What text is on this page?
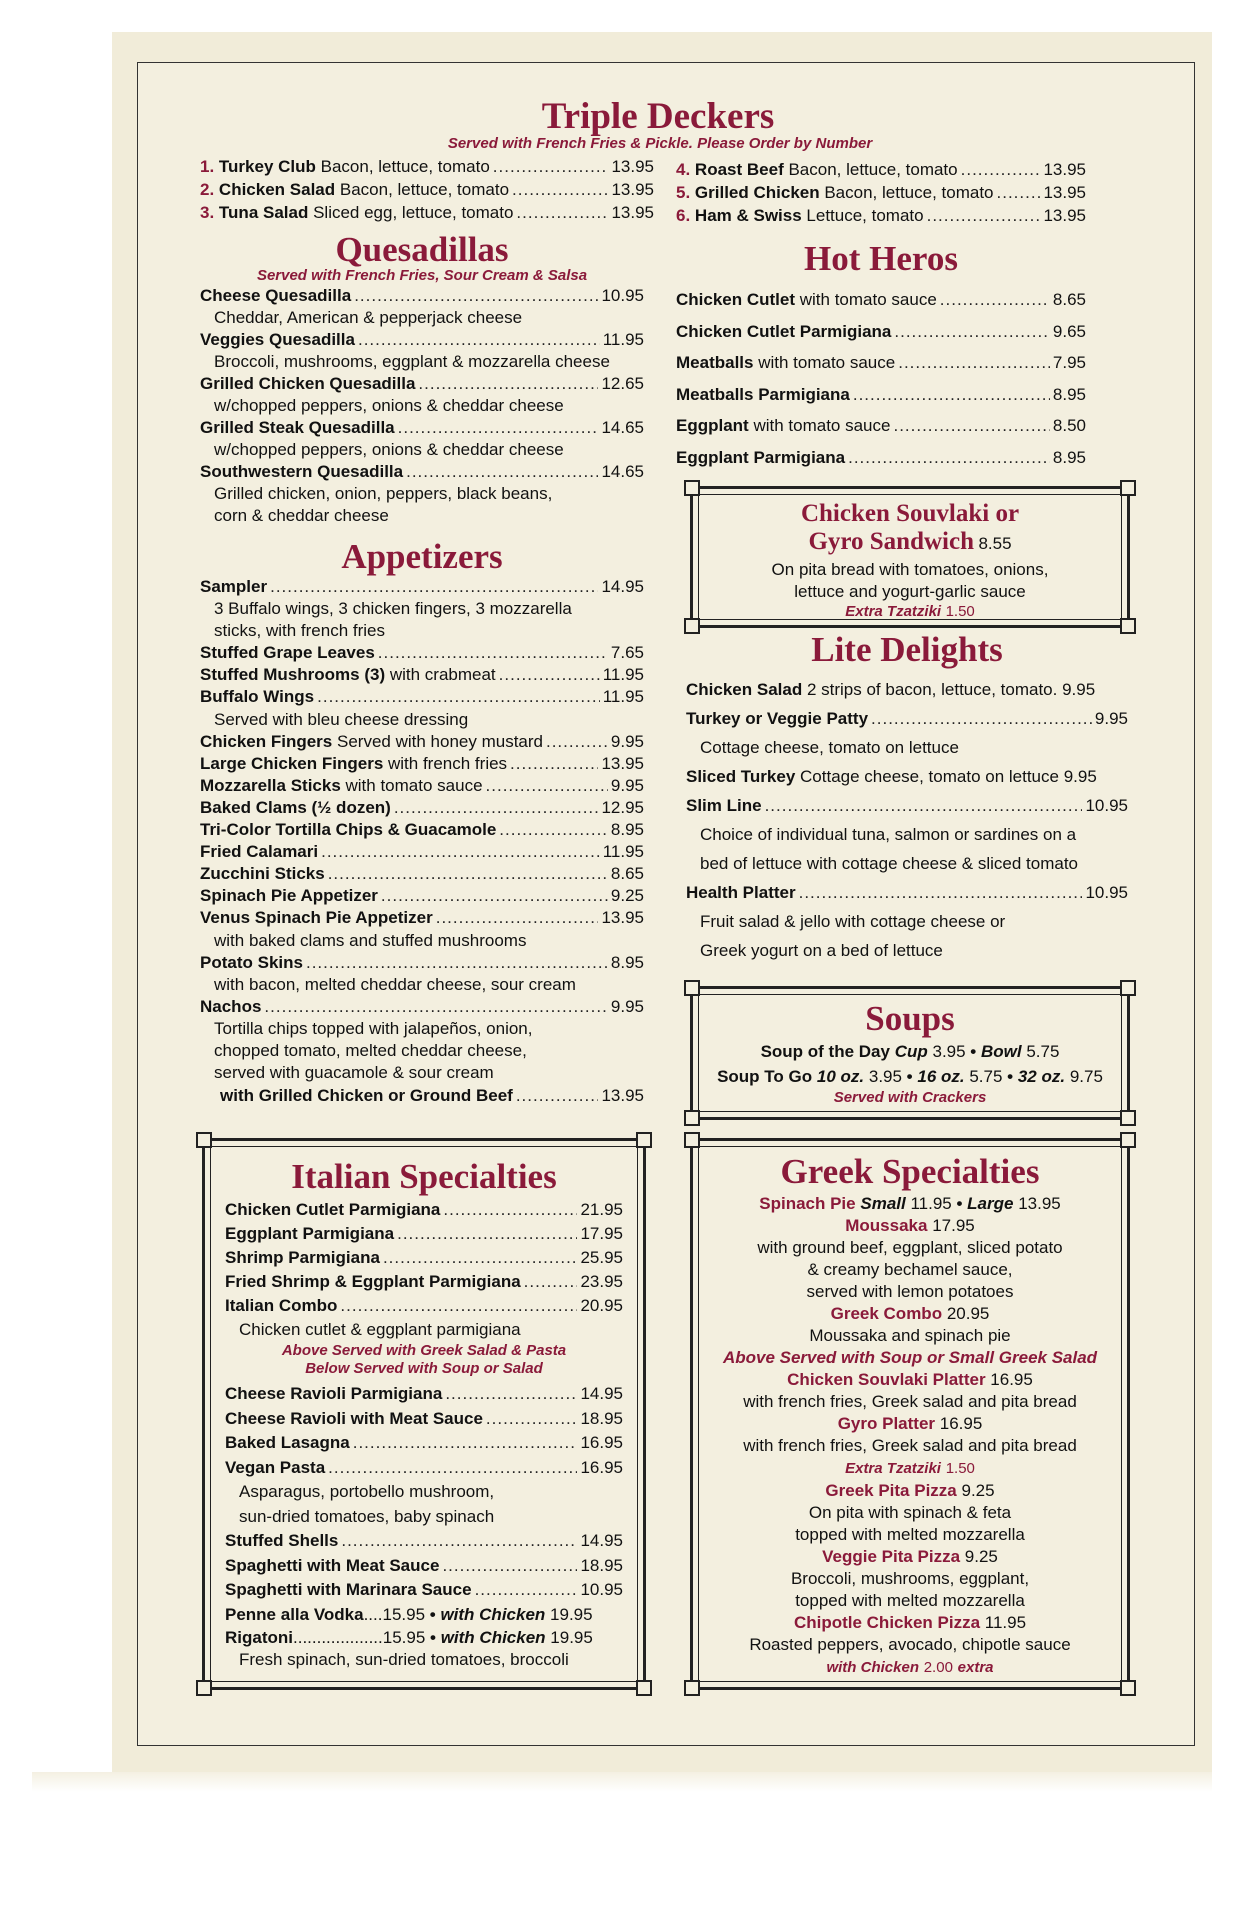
Triple Deckers
Served with French Fries & Pickle. Please Order by Number
1. Turkey Club Bacon, lettuce, tomato .....	13.95
2. Chicken Salad Bacon, lettuce, tomato .....	13.95
3. Tuna Salad Sliced egg, lettuce, tomato .....	13.95
Quesadillas
Served with French Fries, Sour Cream & Salsa
Cheese Quesadilla .....	10.95
Cheddar, American & pepperjack cheese
Veggies Quesadilla .....	11.95
Broccoli, mushrooms, eggplant & mozzarella cheese
Grilled Chicken Quesadilla .....	12.65
w/chopped peppers, onions & cheddar cheese
Grilled Steak Quesadilla .....	14.65
w/chopped peppers, onions & cheddar cheese
Southwestern Quesadilla .....	14.65
Grilled chicken, onion, peppers, black beans,
corn & cheddar cheese
Appetizers
Sampler .....	14.95
3 Buffalo wings, 3 chicken fingers, 3 mozzarella
sticks, with french fries
Stuffed Grape Leaves .....	7.65
Stuffed Mushrooms (3) with crabmeat .....	11.95
Buffalo Wings .....	11.95
Served with bleu cheese dressing
Chicken Fingers Served with honey mustard .....	9.95
Large Chicken Fingers with french fries .....	13.95
Mozzarella Sticks with tomato sauce .....	9.95
Baked Clams (½ dozen) .....	12.95
Tri-Color Tortilla Chips & Guacamole .....	8.95
Fried Calamari .....	11.95
Zucchini Sticks .....	8.65
Spinach Pie Appetizer .....	9.25
Venus Spinach Pie Appetizer .....	13.95
with baked clams and stuffed mushrooms
Potato Skins .....	8.95
with bacon, melted cheddar cheese, sour cream
Nachos .....	9.95
Tortilla chips topped with jalapeños, onion,
chopped tomato, melted cheddar cheese,
served with guacamole & sour cream
with Grilled Chicken or Ground Beef .....	13.95
Italian Specialties
Chicken Cutlet Parmigiana .....	21.95
Eggplant Parmigiana .....	17.95
Shrimp Parmigiana .....	25.95
Fried Shrimp & Eggplant Parmigiana .....	23.95
Italian Combo .....	20.95
Chicken cutlet & eggplant parmigiana
Above Served with Greek Salad & Pasta
Below Served with Soup or Salad
Cheese Ravioli Parmigiana .....	14.95
Cheese Ravioli with Meat Sauce .....	18.95
Baked Lasagna .....	16.95
Vegan Pasta .....	16.95
Asparagus, portobello mushroom,
sun-dried tomatoes, baby spinach
Stuffed Shells .....	14.95
Spaghetti with Meat Sauce .....	18.95
Spaghetti with Marinara Sauce .....	10.95
Penne alla Vodka .... 15.95 • with Chicken
19.95
Rigatoni ................... 15.95 • with Chicken
19.95
Fresh spinach, sun-dried tomatoes, broccoli
4. Roast Beef Bacon, lettuce, tomato .....	13.95
5. Grilled Chicken Bacon, lettuce, tomato .....	13.95
6. Ham & Swiss Lettuce, tomato .....	13.95
Hot Heros
Chicken Cutlet with tomato sauce .....	8.65
Chicken Cutlet Parmigiana .....	9.65
Meatballs with tomato sauce .....	7.95
Meatballs Parmigiana .....	8.95
Eggplant with tomato sauce .....	8.50
Eggplant Parmigiana .....	8.95
Chicken Souvlaki or
Gyro Sandwich 8.55
On pita bread with tomatoes, onions,
lettuce and yogurt-garlic sauce
Extra Tzatziki 1.50
Lite Delights
Chicken Salad 2 strips of bacon, lettuce, tomato . 9.95
Turkey or Veggie Patty .....	9.95
Cottage cheese, tomato on lettuce
Sliced Turkey Cottage cheese, tomato on lettuce
9.95
Slim Line .....	10.95
Choice of individual tuna, salmon or sardines on a
bed of lettuce with cottage cheese & sliced tomato
Health Platter .....	10.95
Fruit salad & jello with cottage cheese or
Greek yogurt on a bed of lettuce
Soups
Soup of the Day Cup 3.95 • Bowl 5.75
Soup To Go 10 oz. 3.95 • 16 oz. 5.75 • 32 oz. 9.75
Served with Crackers
Greek Specialties

Spinach Pie Small 11.95 • Large 13.95

Moussaka 17.95

with ground beef, eggplant, sliced potato

& creamy bechamel sauce,

served with lemon potatoes

Greek Combo 20.95

Moussaka and spinach pie

Above Served with Soup or Small Greek Salad

Chicken Souvlaki Platter 16.95

with french fries, Greek salad and pita bread

Gyro Platter 16.95

with french fries, Greek salad and pita bread

Extra Tzatziki 1.50

Greek Pita Pizza 9.25

On pita with spinach & feta

topped with melted mozzarella

Veggie Pita Pizza 9.25

Broccoli, mushrooms, eggplant,

topped with melted mozzarella

Chipotle Chicken Pizza 11.95

Roasted peppers, avocado, chipotle sauce

with Chicken 2.00 extra
